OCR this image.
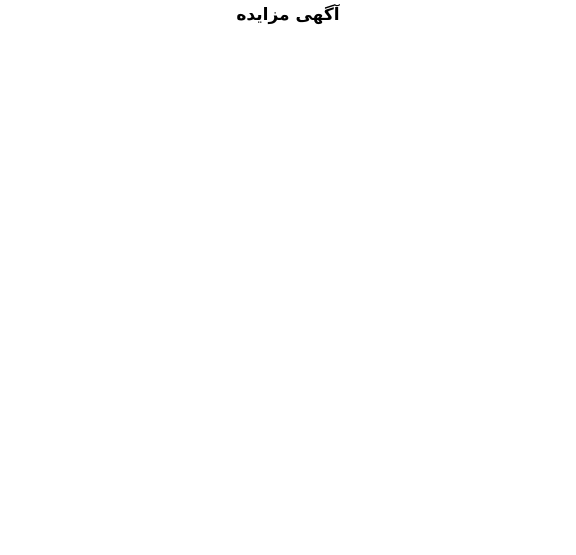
آگهی مزایده
